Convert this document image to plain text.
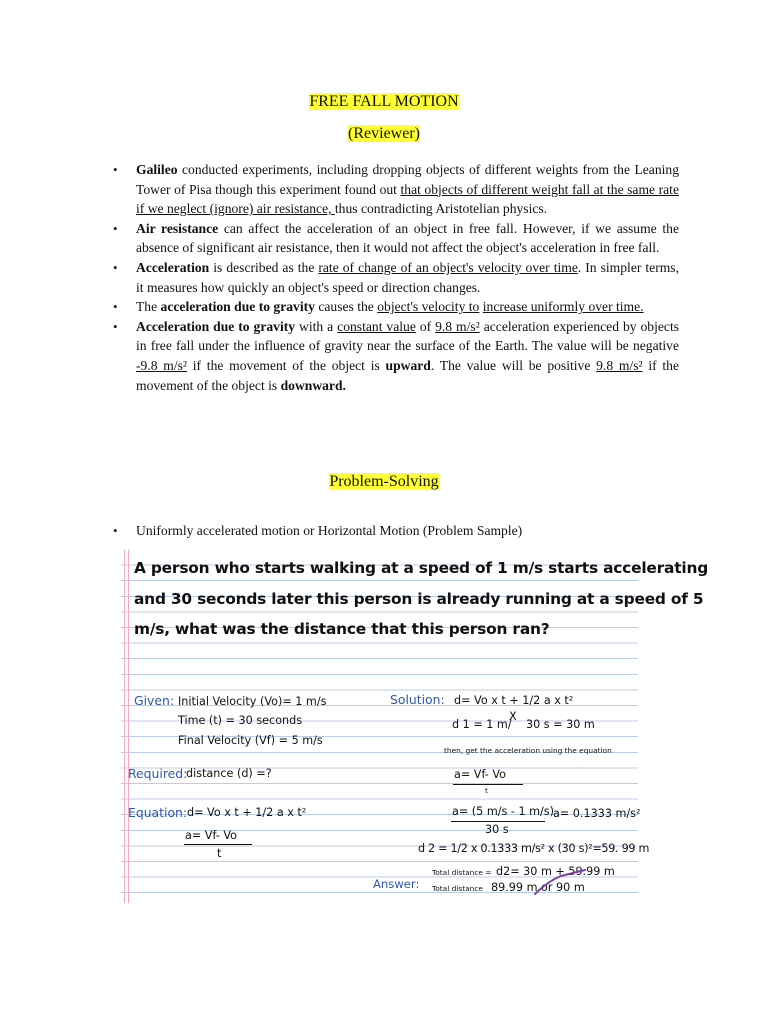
FREE FALL MOTION
(Reviewer)
• Galileo conducted experiments, including dropping objects of different weights from the Leaning Tower of Pisa though this experiment found out that objects of different weight fall at the same rate if we neglect (ignore) air resistance, thus contradicting Aristotelian physics.
• Air resistance can affect the acceleration of an object in free fall. However, if we assume the absence of significant air resistance, then it would not affect the object's acceleration in free fall.
• Acceleration is described as the rate of change of an object's velocity over time. In simpler terms, it measures how quickly an object's speed or direction changes.
• The acceleration due to gravity causes the object's velocity to increase uniformly over time.
• Acceleration due to gravity with a constant value of 9.8 m/s² acceleration experienced by objects in free fall under the influence of gravity near the surface of the Earth. The value will be negative -9.8 m/s² if the movement of the object is upward. The value will be positive 9.8 m/s² if the movement of the object is downward.
Problem-Solving
• Uniformly accelerated motion or Horizontal Motion (Problem Sample)
A person who starts walking at a speed of 1 m/s starts accelerating
and 30 seconds later this person is already running at a speed of 5
m/s, what was the distance that this person ran?
Given: Initial Velocity (Vo)= 1 m/s
Time (t) = 30 seconds
Final Velocity (Vf) = 5 m/s
Required:
distance (d) =?
Equation: d= Vo x t + 1/2 a x t²
a= Vf- Vo
t
Solution: d= Vo x t + 1/2 a x t²
d 1 = 1 m/
X
30 s = 30 m
then, get the acceleration using the equation
a= Vf- Vo
t
a= (5 m/s - 1 m/s)
30 s
a= 0.1333 m/s²
d 2 = 1/2 x 0.1333 m/s² x (30 s)²=59. 99 m
Answer:
Total distance = d2= 30 m + 59.99 m
Total distance 89.99 m or 90 m
